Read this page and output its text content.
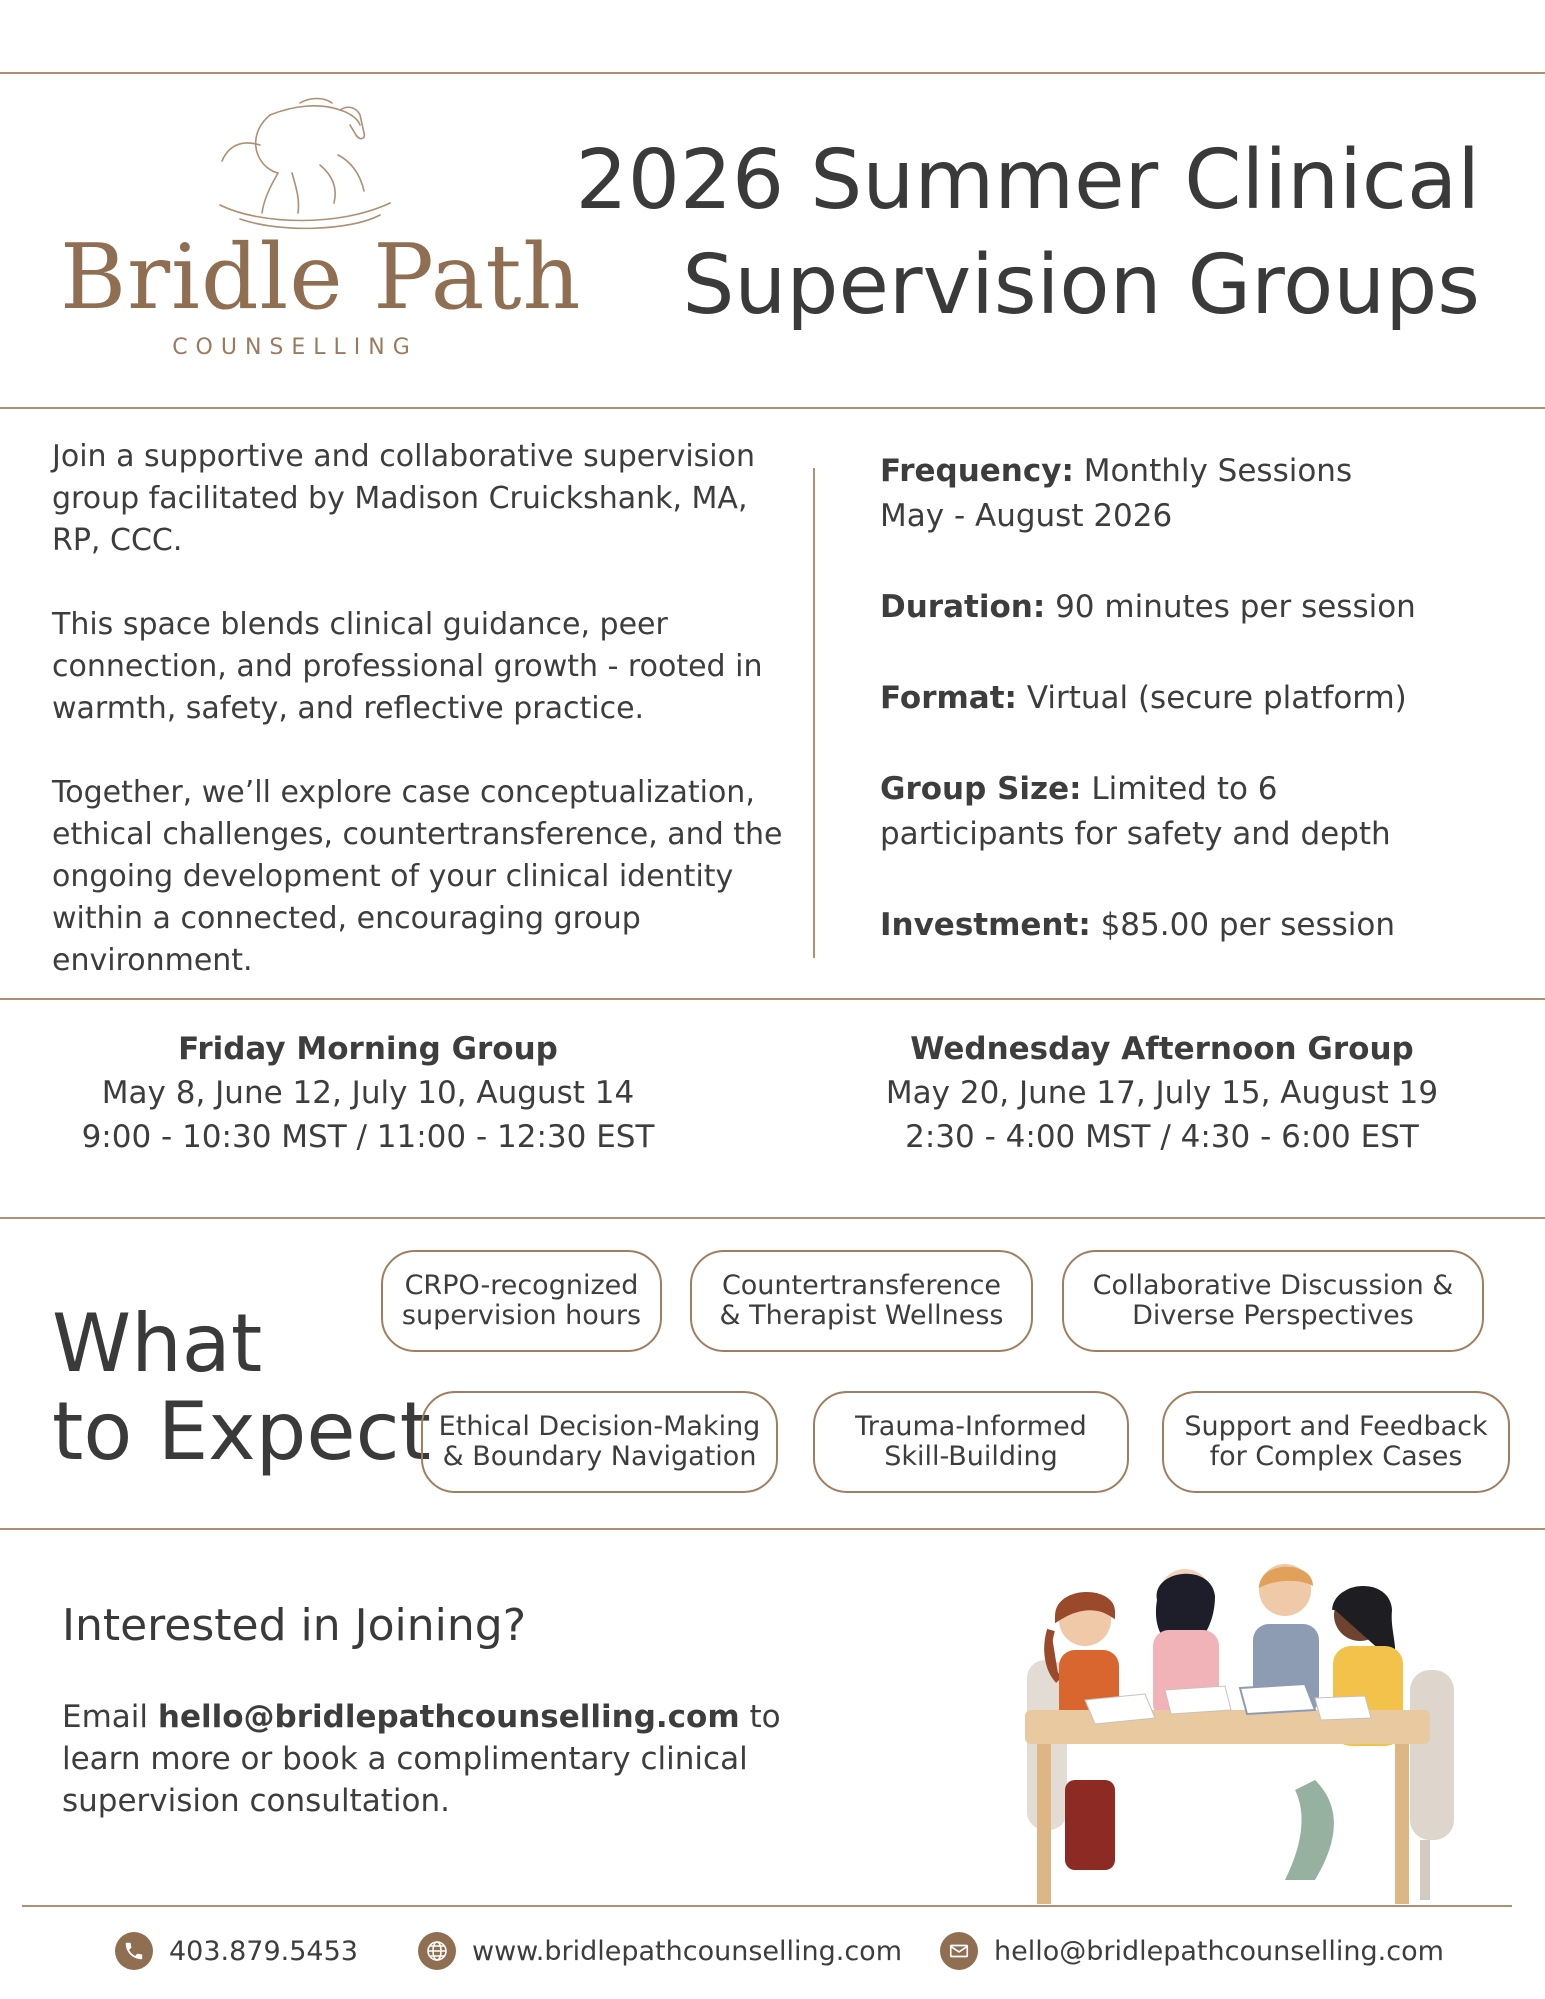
Bridle Path
COUNSELLING
2026 Summer Clinical
Supervision Groups

Join a supportive and collaborative supervision group facilitated by Madison Cruickshank, MA, RP, CCC.

This space blends clinical guidance, peer connection, and professional growth - rooted in warmth, safety, and reflective practice.

Together, we’ll explore case conceptualization, ethical challenges, countertransference, and the ongoing development of your clinical identity within a connected, encouraging group environment.

Frequency: Monthly Sessions
May - August 2026
Duration: 90 minutes per session
Format: Virtual (secure platform)
Group Size: Limited to 6
participants for safety and depth
Investment: $85.00 per session
Friday Morning Group
May 8, June 12, July 10, August 14
9:00 - 10:30 MST / 11:00 - 12:30 EST
Wednesday Afternoon Group
May 20, June 17, July 15, August 19
2:30 - 4:00 MST / 4:30 - 6:00 EST
What
to Expect
CRPO-recognized
supervision hours
Countertransference
& Therapist Wellness
Collaborative Discussion &
Diverse Perspectives
Ethical Decision-Making
& Boundary Navigation
Trauma-Informed
Skill-Building
Support and Feedback
for Complex Cases
Interested in Joining?
Email hello@bridlepathcounselling.com to learn more or book a complimentary clinical supervision consultation.
403.879.5453	www.bridlepathcounselling.com	hello@bridlepathcounselling.com
